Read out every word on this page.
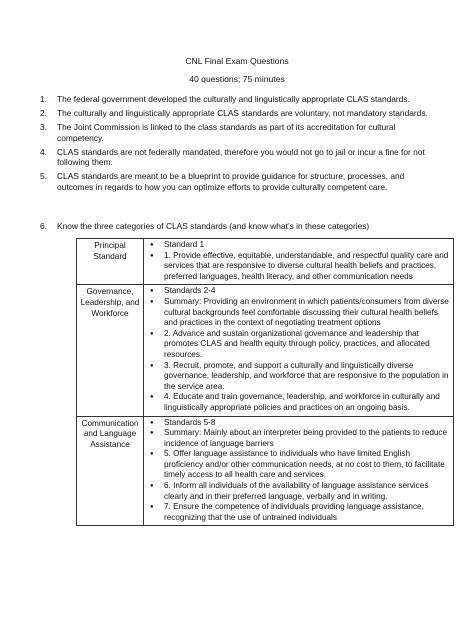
CNL Final Exam Questions
40 questions; 75 minutes
1. The federal government developed the culturally and linguistically appropriate CLAS standards.
2. The culturally and linguistically appropriate CLAS standards are voluntary, not mandatory standards.
3. The Joint Commission is linked to the class standards as part of its accreditation for cultural competency.
4. CLAS standards are not federally mandated, therefore you would not go to jail or incur a fine for not following them.
5. CLAS standards are meant to be a blueprint to provide guidance for structure, processes, and outcomes in regards to how you can optimize efforts to provide culturally competent care.
6. Know the three categories of CLAS standards (and know what’s in these categories)
Principal Standard	● Standard 1
● 1. Provide effective, equitable, understandable, and respectful quality care and services that are responsive to diverse cultural health beliefs and practices, preferred languages, health literacy, and other communication needs

Governance, Leadership, and Workforce	● Standards 2-4
● Summary: Providing an environment in which patients/consumers from diverse cultural backgrounds feel comfortable discussing their cultural health beliefs and practices in the context of negotiating treatment options
● 2. Advance and sustain organizational governance and leadership that promotes CLAS and health equity through policy, practices, and allocated resources.
● 3. Recruit, promote, and support a culturally and linguistically diverse governance, leadership, and workforce that are responsive to the population in the service area.
● 4. Educate and train governance, leadership, and workforce in culturally and linguistically appropriate policies and practices on an ongoing basis.

Communication and Language Assistance	● Standards 5-8
● Summary: Mainly about an interpreter being provided to the patients to reduce incidence of language barriers
● 5. Offer language assistance to individuals who have limited English proficiency and/or other communication needs, at no cost to them, to facilitate timely access to all health care and services.
● 6. Inform all individuals of the availability of language assistance services clearly and in their preferred language, verbally and in writing.
● 7. Ensure the competence of individuals providing language assistance, recognizing that the use of untrained individuals
